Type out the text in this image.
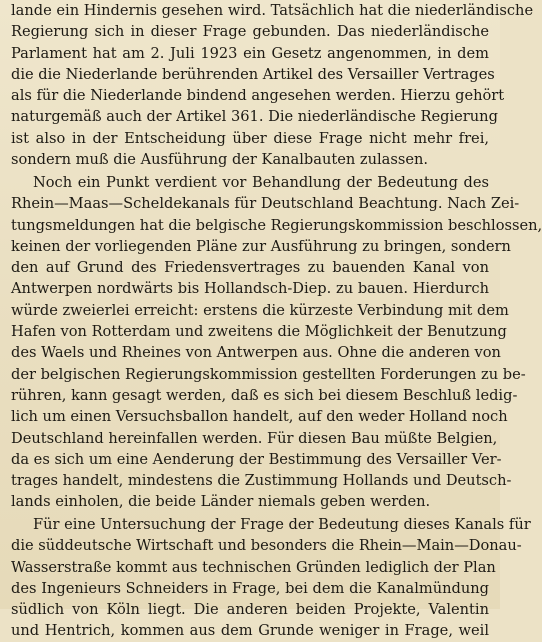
lande ein Hindernis gesehen wird. Tatsächlich hat die niederländische
Regierung sich in dieser Frage gebunden. Das niederländische
Parlament hat am 2. Juli 1923 ein Gesetz angenommen, in dem
die die Niederlande berührenden Artikel des Versailler Vertrages
als für die Niederlande bindend angesehen werden. Hierzu gehört
naturgemäß auch der Artikel 361. Die niederländische Regierung
ist also in der Entscheidung über diese Frage nicht mehr frei,
sondern muß die Ausführung der Kanalbauten zulassen.
Noch ein Punkt verdient vor Behandlung der Bedeutung des
Rhein—Maas—Scheldekanals für Deutschland Beachtung. Nach Zei-
tungsmeldungen hat die belgische Regierungskommission beschlossen,
keinen der vorliegenden Pläne zur Ausführung zu bringen, sondern
den auf Grund des Friedensvertrages zu bauenden Kanal von
Antwerpen nordwärts bis Hollandsch-Diep. zu bauen. Hierdurch
würde zweierlei erreicht: erstens die kürzeste Verbindung mit dem
Hafen von Rotterdam und zweitens die Möglichkeit der Benutzung
des Waels und Rheines von Antwerpen aus. Ohne die anderen von
der belgischen Regierungskommission gestellten Forderungen zu be-
rühren, kann gesagt werden, daß es sich bei diesem Beschluß ledig-
lich um einen Versuchsballon handelt, auf den weder Holland noch
Deutschland hereinfallen werden. Für diesen Bau müßte Belgien,
da es sich um eine Aenderung der Bestimmung des Versailler Ver-
trages handelt, mindestens die Zustimmung Hollands und Deutsch-
lands einholen, die beide Länder niemals geben werden.
Für eine Untersuchung der Frage der Bedeutung dieses Kanals für
die süddeutsche Wirtschaft und besonders die Rhein—Main—Donau-
Wasserstraße kommt aus technischen Gründen lediglich der Plan
des Ingenieurs Schneiders in Frage, bei dem die Kanalmündung
südlich von Köln liegt. Die anderen beiden Projekte, Valentin
und Hentrich, kommen aus dem Grunde weniger in Frage, weil
